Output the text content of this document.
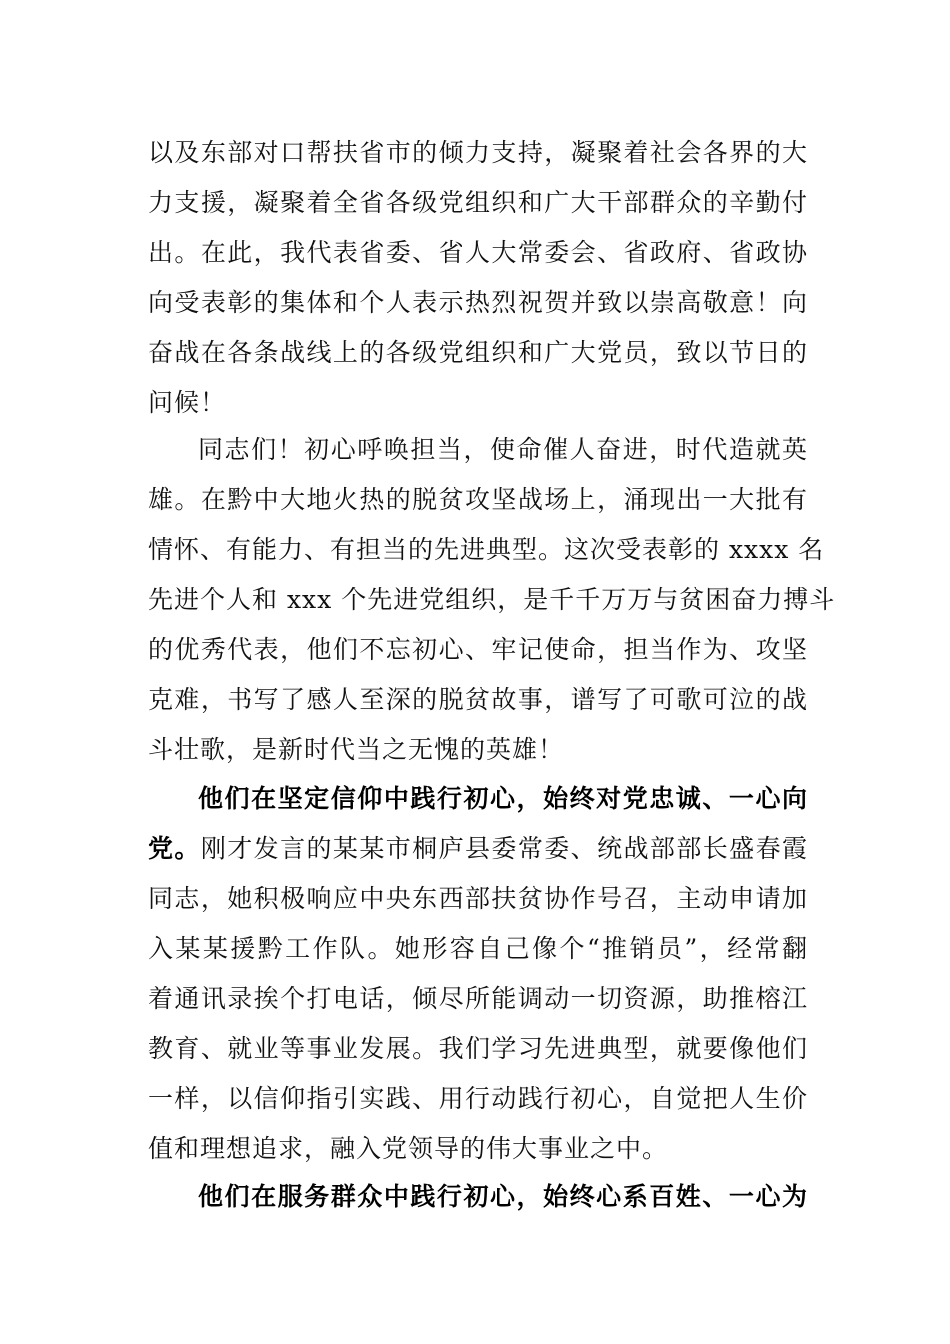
以及东部对口帮扶省市的倾力支持，凝聚着社会各界的大
力支援，凝聚着全省各级党组织和广大干部群众的辛勤付
出。在此，我代表省委、省人大常委会、省政府、省政协
向受表彰的集体和个人表示热烈祝贺并致以崇高敬意！向
奋战在各条战线上的各级党组织和广大党员，致以节日的
问候！
同志们！初心呼唤担当，使命催人奋进，时代造就英
雄。在黔中大地火热的脱贫攻坚战场上，涌现出一大批有
情怀、有能力、有担当的先进典型。这次受表彰的 xxxx 名
先进个人和 xxx 个先进党组织，是千千万万与贫困奋力搏斗
的优秀代表，他们不忘初心、牢记使命，担当作为、攻坚
克难，书写了感人至深的脱贫故事，谱写了可歌可泣的战
斗壮歌，是新时代当之无愧的英雄！
他们在坚定信仰中践行初心，始终对党忠诚、一心向
党。刚才发言的某某市桐庐县委常委、统战部部长盛春霞
同志，她积极响应中央东西部扶贫协作号召，主动申请加
入某某援黔工作队。她形容自己像个“推销员”，经常翻
着通讯录挨个打电话，倾尽所能调动一切资源，助推榕江
教育、就业等事业发展。我们学习先进典型，就要像他们
一样，以信仰指引实践、用行动践行初心，自觉把人生价
值和理想追求，融入党领导的伟大事业之中。
他们在服务群众中践行初心，始终心系百姓、一心为
